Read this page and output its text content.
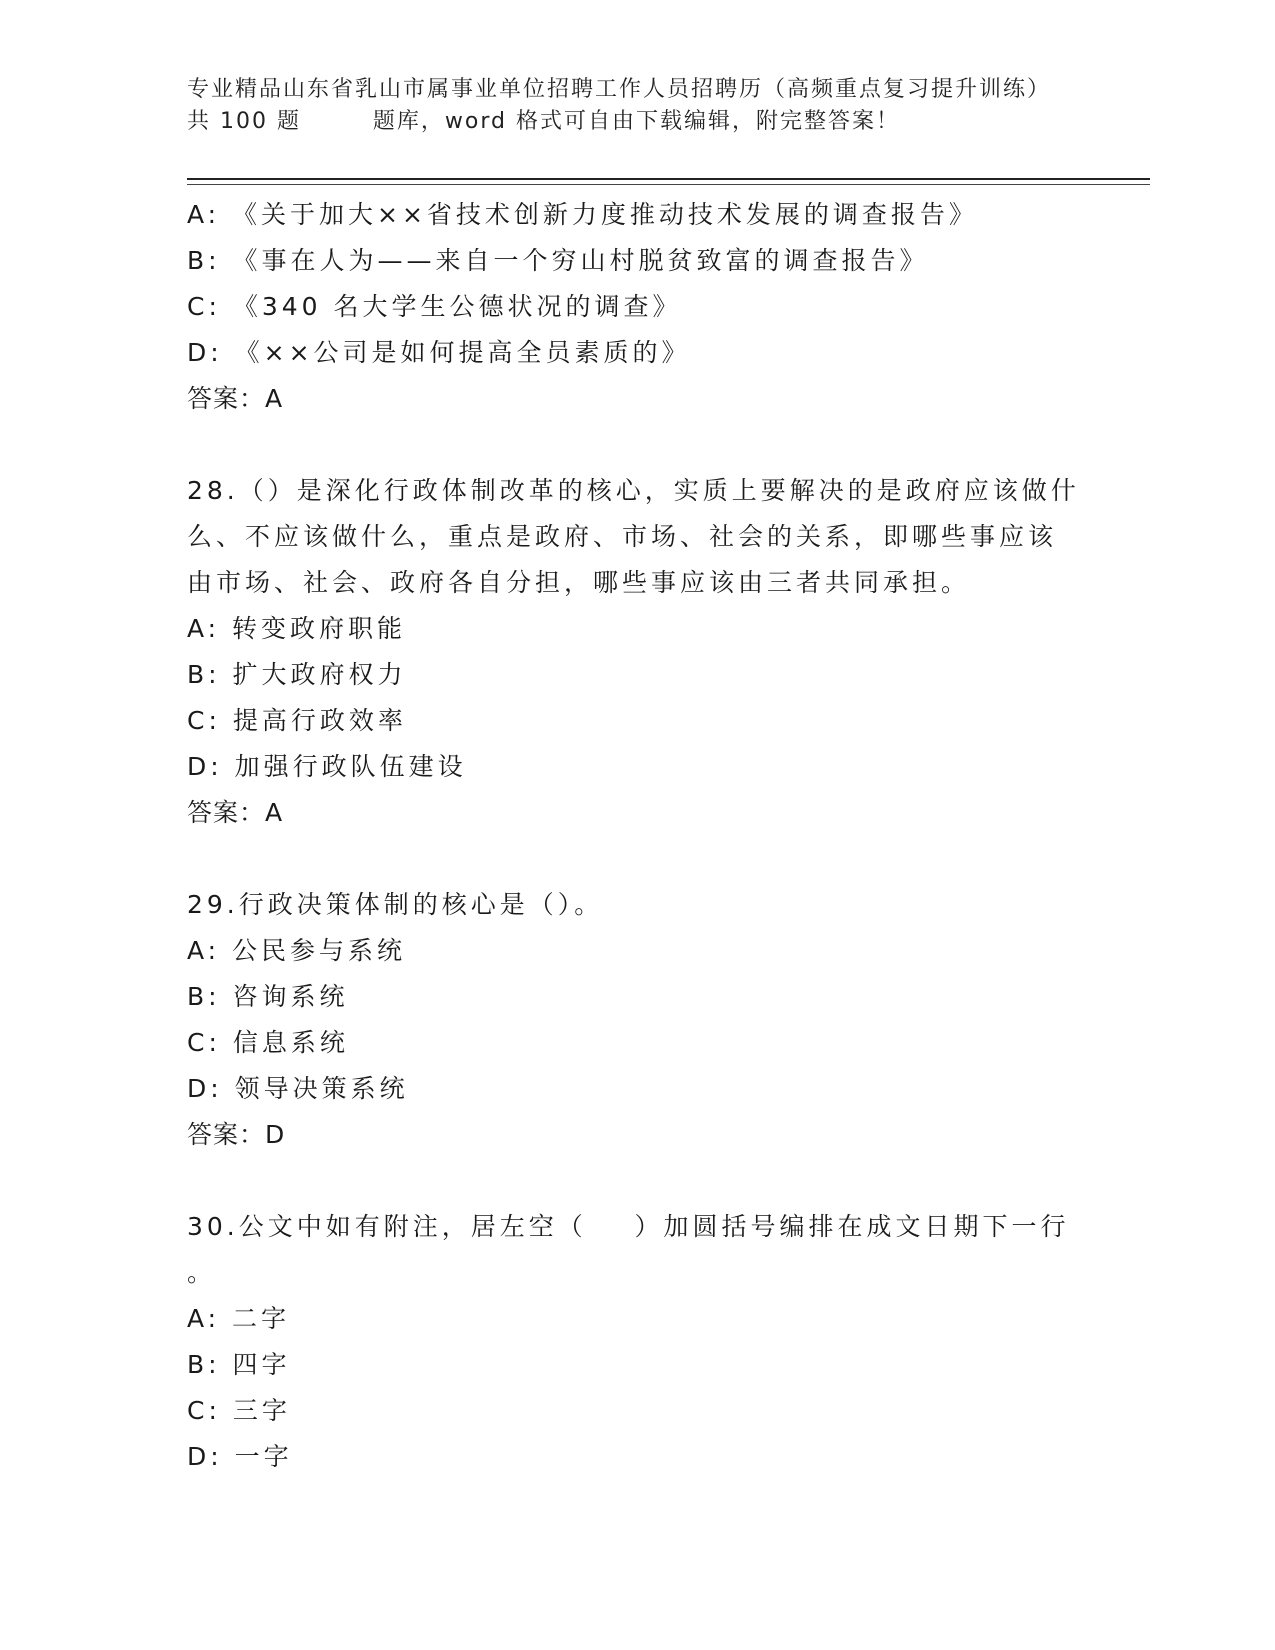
专业精品山东省乳山市属事业单位招聘工作人员招聘历（高频重点复习提升训练）
共 100 题        题库，word 格式可自由下载编辑，附完整答案！
A: 《关于加大××省技术创新力度推动技术发展的调查报告》
B: 《事在人为——来自一个穷山村脱贫致富的调查报告》
C: 《340 名大学生公德状况的调查》
D: 《××公司是如何提高全员素质的》
答案：A
28.（）是深化行政体制改革的核心，实质上要解决的是政府应该做什
么、不应该做什么，重点是政府、市场、社会的关系，即哪些事应该
由市场、社会、政府各自分担，哪些事应该由三者共同承担。
A: 转变政府职能
B: 扩大政府权力
C: 提高行政效率
D: 加强行政队伍建设
答案：A
29.行政决策体制的核心是（）。
A: 公民参与系统
B: 咨询系统
C: 信息系统
D: 领导决策系统
答案：D
30.公文中如有附注，居左空（    ）加圆括号编排在成文日期下一行
。
A: 二字
B: 四字
C: 三字
D: 一字
